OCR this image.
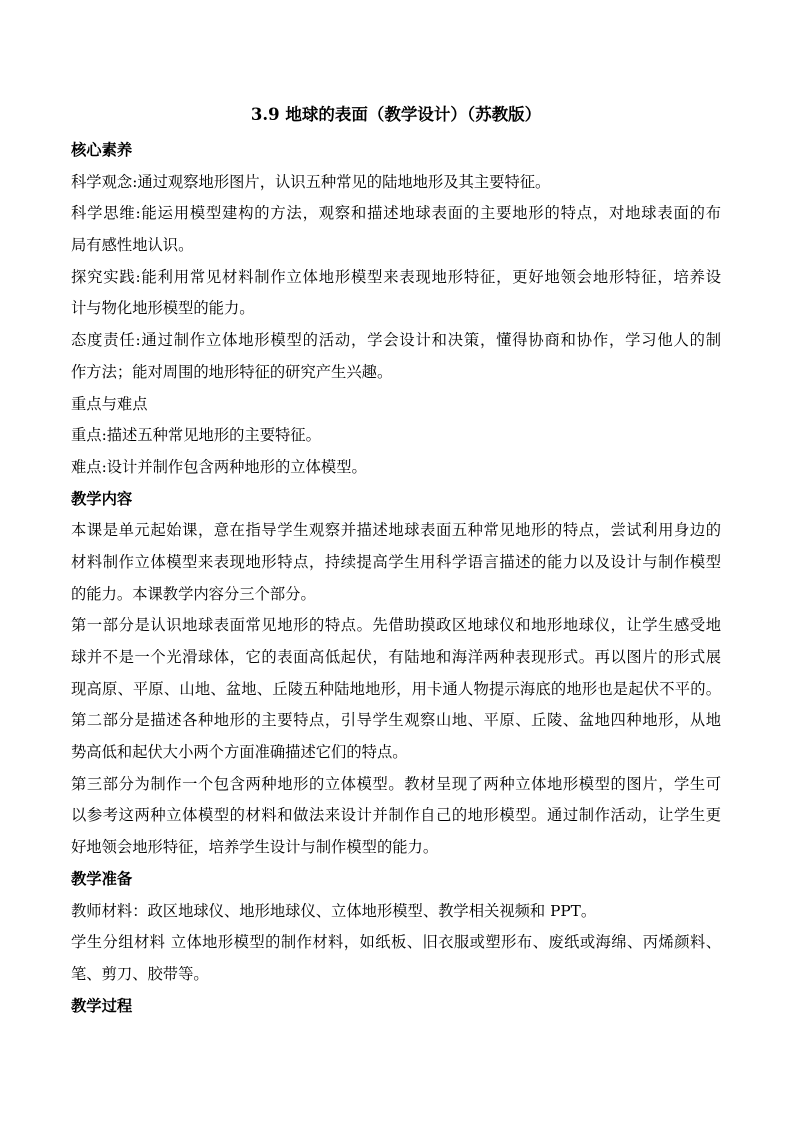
3.9 地球的表面（教学设计）（苏教版）
核心素养
科学观念:通过观察地形图片，认识五种常见的陆地地形及其主要特征。
科学思维:能运用模型建构的方法，观察和描述地球表面的主要地形的特点，对地球表面的布
局有感性地认识。
探究实践:能利用常见材料制作立体地形模型来表现地形特征，更好地领会地形特征，培养设
计与物化地形模型的能力。
态度责任:通过制作立体地形模型的活动，学会设计和决策，懂得协商和协作，学习他人的制
作方法；能对周围的地形特征的研究产生兴趣。
重点与难点
重点:描述五种常见地形的主要特征。
难点:设计并制作包含两种地形的立体模型。
教学内容
本课是单元起始课，意在指导学生观察并描述地球表面五种常见地形的特点，尝试利用身边的
材料制作立体模型来表现地形特点，持续提高学生用科学语言描述的能力以及设计与制作模型
的能力。本课教学内容分三个部分。
第一部分是认识地球表面常见地形的特点。先借助摸政区地球仪和地形地球仪，让学生感受地
球并不是一个光滑球体，它的表面高低起伏，有陆地和海洋两种表现形式。再以图片的形式展
现高原、平原、山地、盆地、丘陵五种陆地地形，用卡通人物提示海底的地形也是起伏不平的。
第二部分是描述各种地形的主要特点，引导学生观察山地、平原、丘陵、盆地四种地形，从地
势高低和起伏大小两个方面准确描述它们的特点。
第三部分为制作一个包含两种地形的立体模型。教材呈现了两种立体地形模型的图片，学生可
以参考这两种立体模型的材料和做法来设计并制作自己的地形模型。通过制作活动，让学生更
好地领会地形特征，培养学生设计与制作模型的能力。
教学准备
教师材料：政区地球仪、地形地球仪、立体地形模型、教学相关视频和 PPT。
学生分组材料 立体地形模型的制作材料，如纸板、旧衣服或塑形布、废纸或海绵、丙烯颜料、
笔、剪刀、胶带等。
教学过程
